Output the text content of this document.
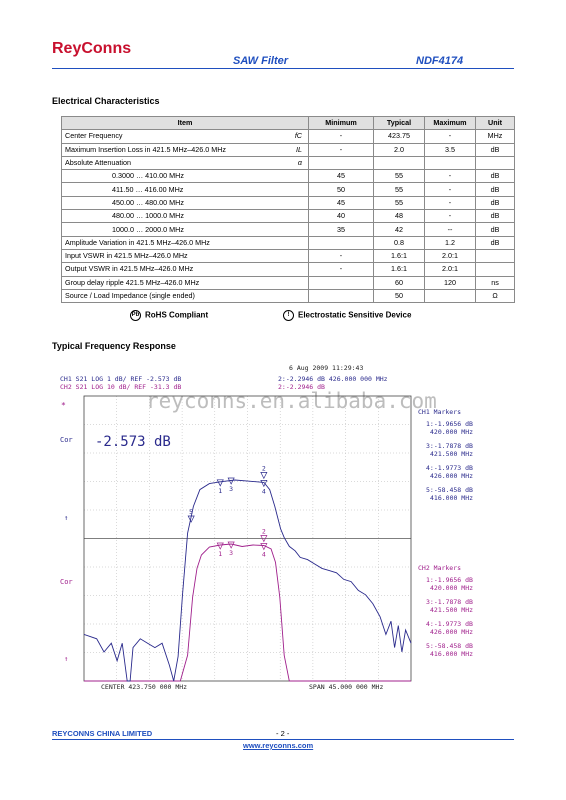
ReyConns
SAW Filter	NDF4174
Electrical Characteristics
Item		Minimum	Typical	Maximum	Unit
Center Frequency	fC	-	423.75	-	MHz
Maximum Insertion Loss in 421.5 MHz–426.0 MHz	IL	-	2.0	3.5	dB
Absolute Attenuation	α				
0.3000 … 410.00 MHz		45	55	-	dB
411.50 … 416.00 MHz		50	55	-	dB
450.00 … 480.00 MHz		45	55	-	dB
480.00 … 1000.0 MHz		40	48	-	dB
1000.0 … 2000.0 MHz		35	42	--	dB
Amplitude Variation in 421.5 MHz–426.0 MHz			0.8	1.2	dB
Input VSWR in 421.5 MHz–426.0 MHz		-	1.6:1	2.0:1	
Output VSWR in 421.5 MHz–426.0 MHz		-	1.6:1	2.0:1	
Group delay ripple 421.5 MHz–426.0 MHz			60	120	ns
Source / Load Impedance (single ended)			50		Ω
Pb RoHS Compliant	! Electrostatic Sensitive Device
Typical Frequency Response
6 Aug 2009 11:29:43
CH1 S21 LOG 1 dB/ REF -2.573 dB
CH2 S21 LOG 10 dB/ REF -31.3 dB
2:-2.2946 dB 426.000 000 MHz
2:-2.2946 dB
*
Cor
Cor
↑
↑
-2.573 dB
reyconns.en.alibaba.com
1 3	4
2
1 3	4
2
5
CENTER 423.750 000 MHz	SPAN 45.000 000 MHz
CH1 Markers
CH2 Markers
1:-1.9656 dB
420.000 MHz
3:-1.7878 dB
421.500 MHz
4:-1.9773 dB
426.000 MHz
5:-58.458 dB
416.000 MHz
1:-1.9656 dB
420.000 MHz
3:-1.7878 dB
421.500 MHz
4:-1.9773 dB
426.000 MHz
5:-58.458 dB
416.000 MHz
REYCONNS CHINA LIMITED	- 2 -
www.reyconns.com
